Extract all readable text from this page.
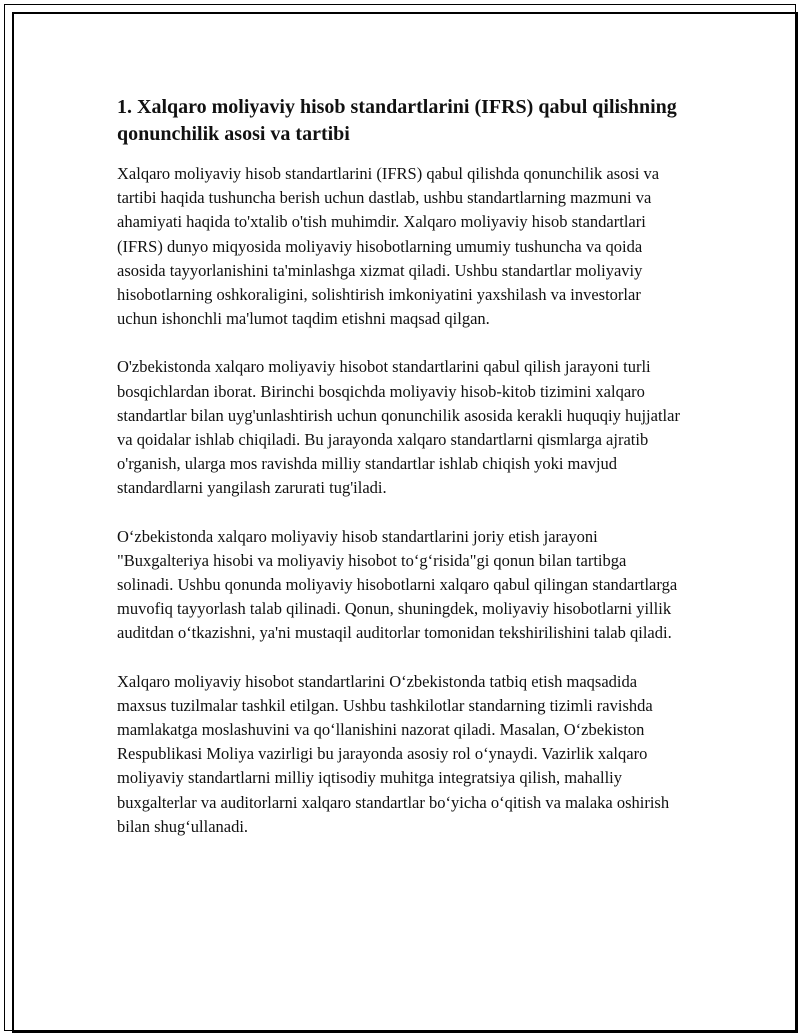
1. Xalqaro moliyaviy hisob standartlarini (IFRS) qabul qilishning qonunchilik asosi va tartibi

Xalqaro moliyaviy hisob standartlarini (IFRS) qabul qilishda qonunchilik asosi va tartibi haqida tushuncha berish uchun dastlab, ushbu standartlarning mazmuni va ahamiyati haqida to'xtalib o'tish muhimdir. Xalqaro moliyaviy hisob standartlari (IFRS) dunyo miqyosida moliyaviy hisobotlarning umumiy tushuncha va qoida asosida tayyorlanishini ta'minlashga xizmat qiladi. Ushbu standartlar moliyaviy hisobotlarning oshkoraligini, solishtirish imkoniyatini yaxshilash va investorlar uchun ishonchli ma'lumot taqdim etishni maqsad qilgan.

O'zbekistonda xalqaro moliyaviy hisobot standartlarini qabul qilish jarayoni turli bosqichlardan iborat. Birinchi bosqichda moliyaviy hisob-kitob tizimini xalqaro standartlar bilan uyg'unlashtirish uchun qonunchilik asosida kerakli huquqiy hujjatlar va qoidalar ishlab chiqiladi. Bu jarayonda xalqaro standartlarni qismlarga ajratib o'rganish, ularga mos ravishda milliy standartlar ishlab chiqish yoki mavjud standardlarni yangilash zarurati tug'iladi.

O‘zbekistonda xalqaro moliyaviy hisob standartlarini joriy etish jarayoni "Buxgalteriya hisobi va moliyaviy hisobot to‘g‘risida"gi qonun bilan tartibga solinadi. Ushbu qonunda moliyaviy hisobotlarni xalqaro qabul qilingan standartlarga muvofiq tayyorlash talab qilinadi. Qonun, shuningdek, moliyaviy hisobotlarni yillik auditdan o‘tkazishni, ya'ni mustaqil auditorlar tomonidan tekshirilishini talab qiladi.

Xalqaro moliyaviy hisobot standartlarini O‘zbekistonda tatbiq etish maqsadida maxsus tuzilmalar tashkil etilgan. Ushbu tashkilotlar standarning tizimli ravishda mamlakatga moslashuvini va qo‘llanishini nazorat qiladi. Masalan, O‘zbekiston Respublikasi Moliya vazirligi bu jarayonda asosiy rol o‘ynaydi. Vazirlik xalqaro moliyaviy standartlarni milliy iqtisodiy muhitga integratsiya qilish, mahalliy buxgalterlar va auditorlarni xalqaro standartlar bo‘yicha o‘qitish va malaka oshirish bilan shug‘ullanadi.
